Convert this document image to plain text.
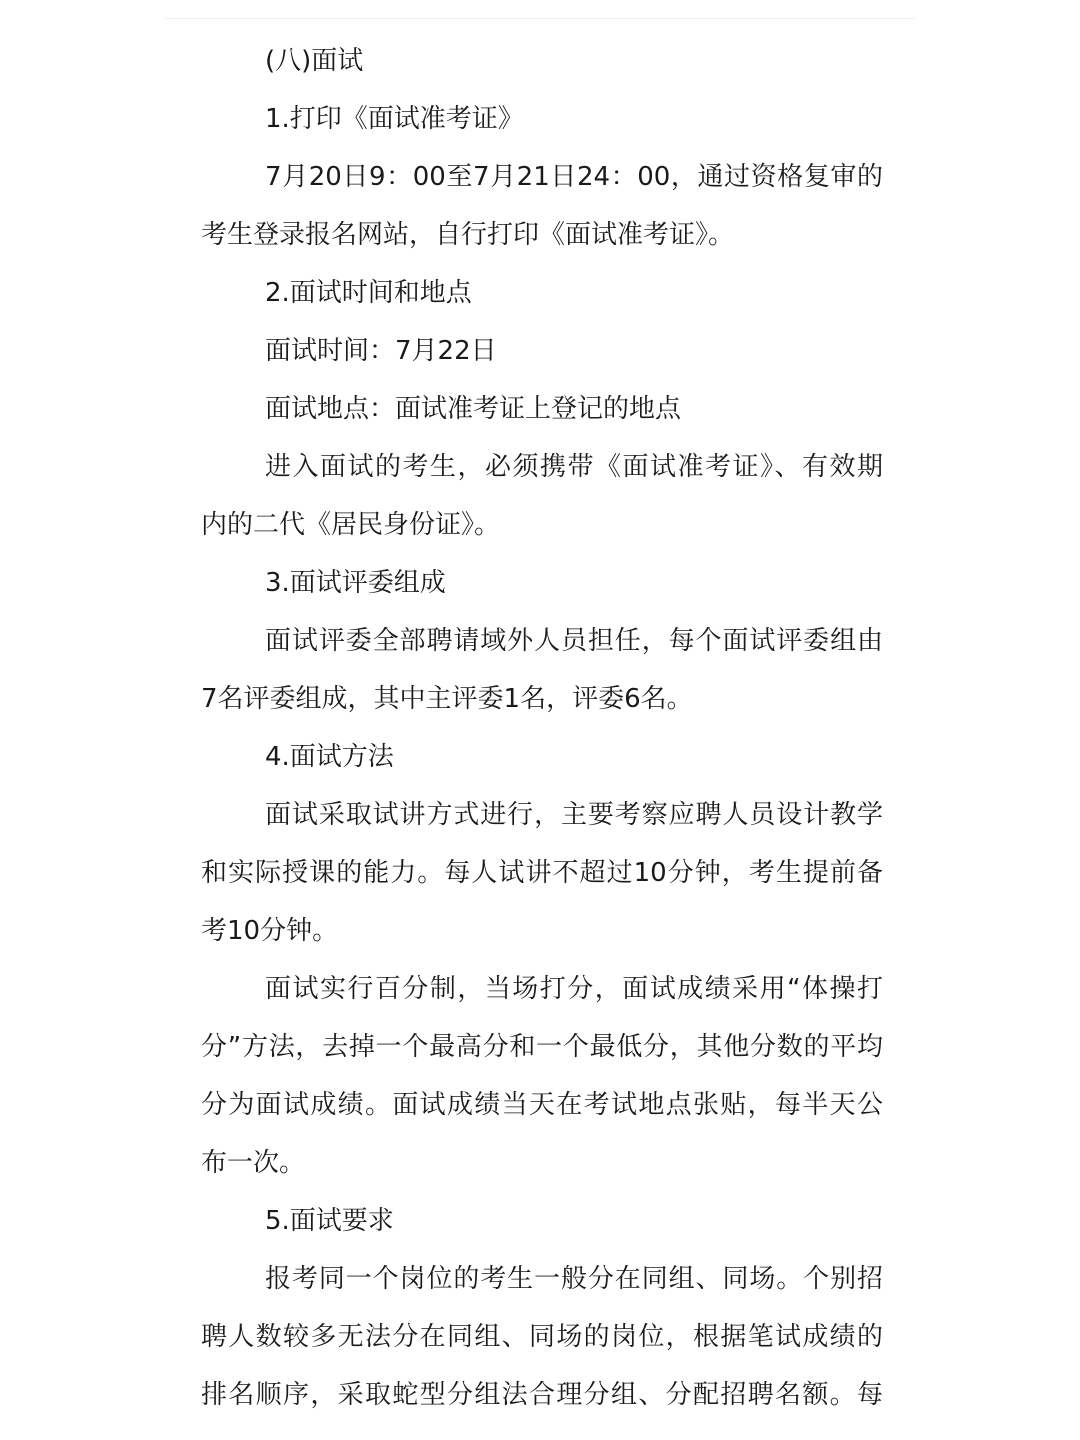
(八)面试
1.打印《面试准考证》
7月20日9：00至7月21日24：00，通过资格复审的
考生登录报名网站，自行打印《面试准考证》。
2.面试时间和地点
面试时间：7月22日
面试地点：面试准考证上登记的地点
进入面试的考生，必须携带《面试准考证》、有效期
内的二代《居民身份证》。
3.面试评委组成
面试评委全部聘请域外人员担任，每个面试评委组由
7名评委组成，其中主评委1名，评委6名。
4.面试方法
面试采取试讲方式进行，主要考察应聘人员设计教学
和实际授课的能力。每人试讲不超过10分钟，考生提前备
考10分钟。
面试实行百分制，当场打分，面试成绩采用“体操打
分”方法，去掉一个最高分和一个最低分，其他分数的平均
分为面试成绩。面试成绩当天在考试地点张贴，每半天公
布一次。
5.面试要求
报考同一个岗位的考生一般分在同组、同场。个别招
聘人数较多无法分在同组、同场的岗位，根据笔试成绩的
排名顺序，采取蛇型分组法合理分组、分配招聘名额。每
